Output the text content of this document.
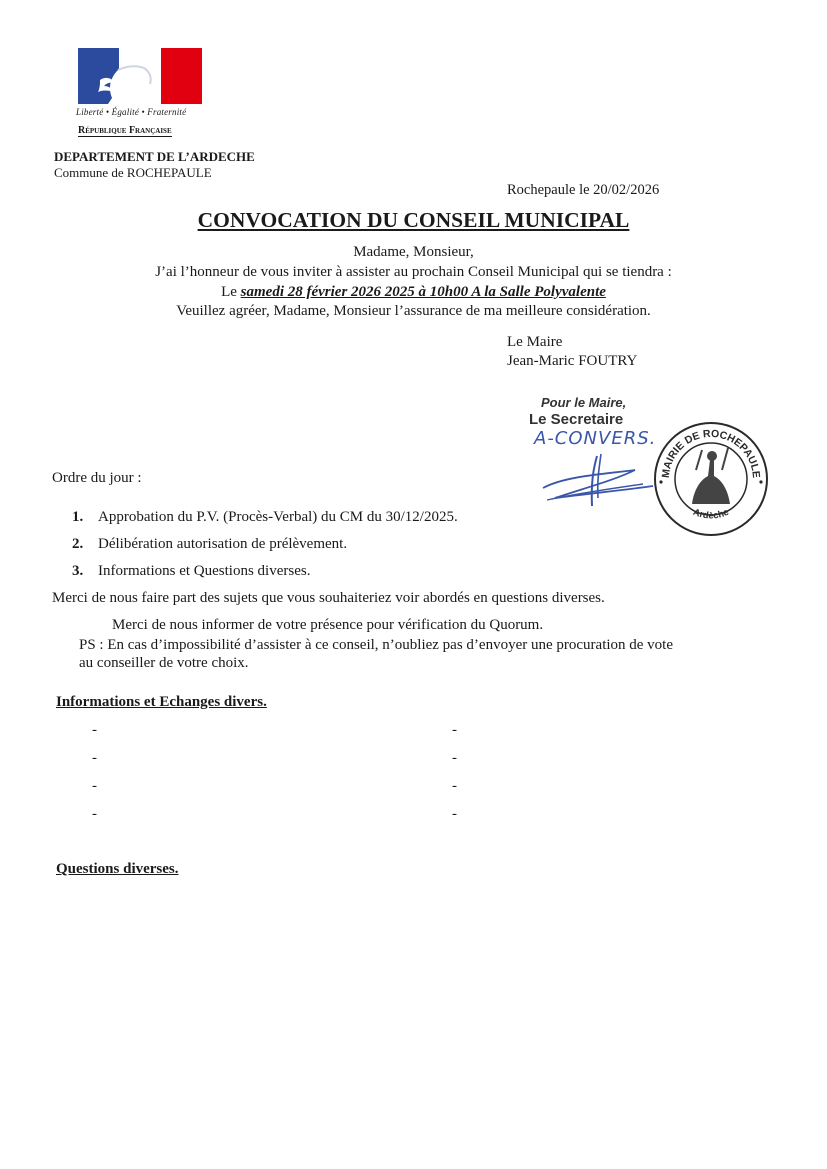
Liberté • Égalité • Fraternité
République Française
DEPARTEMENT DE L’ARDECHE
Commune de ROCHEPAULE
Rochepaule le 20/02/2026
CONVOCATION DU CONSEIL MUNICIPAL
Madame, Monsieur,
J’ai l’honneur de vous inviter à assister au prochain Conseil Municipal qui se tiendra :
Le samedi 28 février 2026 2025 à 10h00 A la Salle Polyvalente
Veuillez agréer, Madame, Monsieur l’assurance de ma meilleure considération.
Le Maire
Jean-Maric FOUTRY
Pour le Maire,
Le Secretaire
A-CONVERS.
MAIRIE DE ROCHEPAULE
Ardèche
Ordre du jour :
1. Approbation du P.V. (Procès-Verbal) du CM du 30/12/2025.
2. Délibération autorisation de prélèvement.
3. Informations et Questions diverses.
Merci de nous faire part des sujets que vous souhaiteriez voir abordés en questions diverses.
Merci de nous informer de votre présence pour vérification du Quorum.
PS : En cas d’impossibilité d’assister à ce conseil, n’oubliez pas d’envoyer une procuration de vote
au conseiller de votre choix.
Informations et Echanges divers.
-
-
-
-
-
-
-
-
Questions diverses.
